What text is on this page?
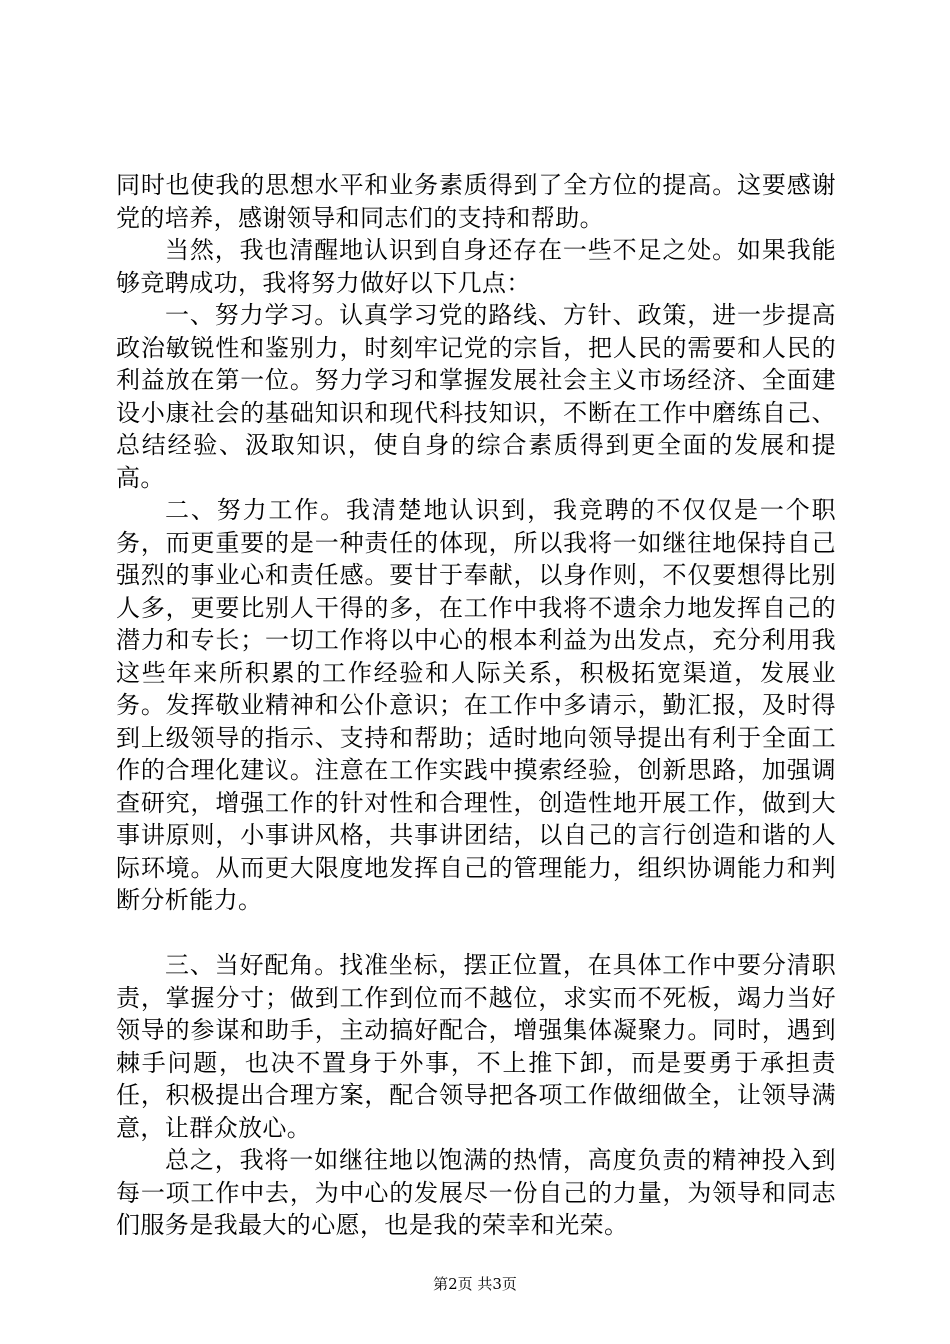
同时也使我的思想水平和业务素质得到了全方位的提高。这要感谢党的培养，感谢领导和同志们的支持和帮助。

当然，我也清醒地认识到自身还存在一些不足之处。如果我能够竞聘成功，我将努力做好以下几点：

一、努力学习。认真学习党的路线、方针、政策，进一步提高政治敏锐性和鉴别力，时刻牢记党的宗旨，把人民的需要和人民的利益放在第一位。努力学习和掌握发展社会主义市场经济、全面建设小康社会的基础知识和现代科技知识，不断在工作中磨练自己、总结经验、汲取知识，使自身的综合素质得到更全面的发展和提高。

二、努力工作。我清楚地认识到，我竞聘的不仅仅是一个职务，而更重要的是一种责任的体现，所以我将一如继往地保持自己强烈的事业心和责任感。要甘于奉献，以身作则，不仅要想得比别人多，更要比别人干得的多，在工作中我将不遗余力地发挥自己的潜力和专长；一切工作将以中心的根本利益为出发点，充分利用我这些年来所积累的工作经验和人际关系，积极拓宽渠道，发展业务。发挥敬业精神和公仆意识；在工作中多请示，勤汇报，及时得到上级领导的指示、支持和帮助；适时地向领导提出有利于全面工作的合理化建议。注意在工作实践中摸索经验，创新思路，加强调查研究，增强工作的针对性和合理性，创造性地开展工作，做到大事讲原则，小事讲风格，共事讲团结，以自己的言行创造和谐的人际环境。从而更大限度地发挥自己的管理能力，组织协调能力和判断分析能力。

三、当好配角。找准坐标，摆正位置，在具体工作中要分清职责，掌握分寸；做到工作到位而不越位，求实而不死板，竭力当好领导的参谋和助手，主动搞好配合，增强集体凝聚力。同时，遇到棘手问题，也决不置身于外事，不上推下卸，而是要勇于承担责任，积极提出合理方案，配合领导把各项工作做细做全，让领导满意，让群众放心。

总之，我将一如继往地以饱满的热情，高度负责的精神投入到每一项工作中去，为中心的发展尽一份自己的力量，为领导和同志们服务是我最大的心愿，也是我的荣幸和光荣。

第2页 共3页
